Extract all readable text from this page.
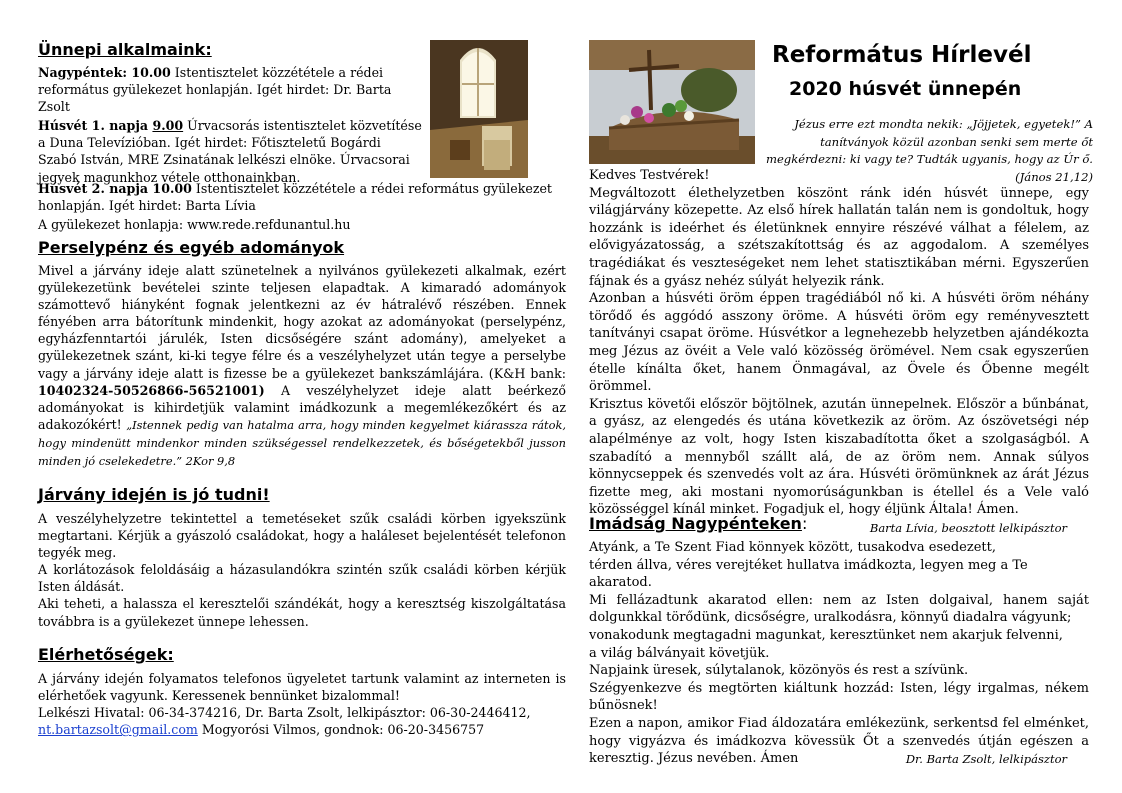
Ünnepi alkalmaink:

Nagypéntek: 10.00 Istentisztelet közzététele a rédei református gyülekezet honlapján. Igét hirdet: Dr. Barta Zsolt

Húsvét 1. napja 9.00 Úrvacsorás istentisztelet közvetítése a Duna Televízióban. Igét hirdet: Főtiszteletű Bogárdi Szabó István, MRE Zsinatának lelkészi elnöke. Úrvacsorai jegyek magunkhoz vétele otthonainkban.

Húsvét 2. napja 10.00 Istentisztelet közzététele a rédei református gyülekezet honlapján. Igét hirdet: Barta Lívia

A gyülekezet honlapja: www.rede.refdunantul.hu

Perselypénz és egyéb adományok

Mivel a járvány ideje alatt szünetelnek a nyilvános gyülekezeti alkalmak, ezért gyülekezetünk bevételei szinte teljesen elapadtak. A kimaradó adományok számottevő hiányként fognak jelentkezni az év hátralévő részében. Ennek fényében arra bátorítunk mindenkit, hogy azokat az adományokat (perselypénz, egyházfenntartói járulék, Isten dicsőségére szánt adomány), amelyeket a gyülekezetnek szánt, ki-ki tegye félre és a veszélyhelyzet után tegye a perselybe vagy a járvány ideje alatt is fizesse be a gyülekezet bankszámlájára. (K&H bank: 10402324-50526866-56521001) A veszélyhelyzet ideje alatt beérkező adományokat is kihirdetjük valamint imádkozunk a megemlékezőkért és az adakozókért! „Istennek pedig van hatalma arra, hogy minden kegyelmet kiárassza rátok, hogy mindenütt mindenkor minden szükségessel rendelkezzetek, és bőségetekből jusson minden jó cselekedetre.” 2Kor 9,8

Járvány idején is jó tudni!

A veszélyhelyzetre tekintettel a temetéseket szűk családi körben igyekszünk megtartani. Kérjük a gyászoló családokat, hogy a haláleset bejelentését telefonon tegyék meg.

A korlátozások feloldásáig a házasulandókra szintén szűk családi körben kérjük Isten áldását.

Aki teheti, a halassza el keresztelői szándékát, hogy a keresztség kiszolgáltatása továbbra is a gyülekezet ünnepe lehessen.

Elérhetőségek:

A járvány idején folyamatos telefonos ügyeletet tartunk valamint az interneten is elérhetőek vagyunk. Keressenek bennünket bizalommal!

Lelkészi Hivatal: 06-34-374216, Dr. Barta Zsolt, lelkipásztor: 06-30-2446412,

nt.bartazsolt@gmail.com Mogyorósi Vilmos, gondnok: 06-20-3456757

Református Hírlevél
2020 húsvét ünnepén
Jézus erre ezt mondta nekik: „Jöjjetek, egyetek!” A tanítványok közül azonban senki sem merte őt megkérdezni: ki vagy te? Tudták ugyanis, hogy az Úr ő. (János 21,12)

Kedves Testvérek!

Megváltozott élethelyzetben köszönt ránk idén húsvét ünnepe, egy világjárvány közepette. Az első hírek hallatán talán nem is gondoltuk, hogy hozzánk is ideérhet és életünknek ennyire részévé válhat a félelem, az elővigyázatosság, a szétszakítottság és az aggodalom. A személyes tragédiákat és veszteségeket nem lehet statisztikában mérni. Egyszerűen fájnak és a gyász nehéz súlyát helyezik ránk.

Azonban a húsvéti öröm éppen tragédiából nő ki. A húsvéti öröm néhány törődő és aggódó asszony öröme. A húsvéti öröm egy reményvesztett tanítványi csapat öröme. Húsvétkor a legnehezebb helyzetben ajándékozta meg Jézus az övéit a Vele való közösség örömével. Nem csak egyszerűen ételle kínálta őket, hanem Önmagával, az Övele és Őbenne megélt örömmel.

Krisztus követői először böjtölnek, azután ünnepelnek. Először a bűnbánat, a gyász, az elengedés és utána következik az öröm. Az ószövetségi nép alapélménye az volt, hogy Isten kiszabadította őket a szolgaságból. A szabadító a mennyből szállt alá, de az öröm nem. Annak súlyos könnycseppek és szenvedés volt az ára. Húsvéti örömünknek az árát Jézus fizette meg, aki mostani nyomorúságunkban is étellel és a Vele való közösséggel kínál minket. Fogadjuk el, hogy éljünk Általa! Ámen.
Barta Lívia, beosztott lelkipásztor

Imádság Nagypénteken:

Atyánk, a Te Szent Fiad könnyek között, tusakodva esedezett,

térden állva, véres verejtéket hullatva imádkozta, legyen meg a Te akaratod.

Mi fellázadtunk akaratod ellen: nem az Isten dolgaival, hanem saját dolgunkkal törődünk, dicsőségre, uralkodásra, könnyű diadalra vágyunk;

vonakodunk megtagadni magunkat, keresztünket nem akarjuk felvenni,

a világ bálványait követjük.

Napjaink üresek, súlytalanok, közönyös és rest a szívünk.

Szégyenkezve és megtörten kiáltunk hozzád: Isten, légy irgalmas, nékem bűnösnek!

Ezen a napon, amikor Fiad áldozatára emlékezünk, serkentsd fel elménket, hogy vigyázva és imádkozva kövessük Őt a szenvedés útján egészen a keresztig. Jézus nevében. Ámen	Dr. Barta Zsolt, lelkipásztor
